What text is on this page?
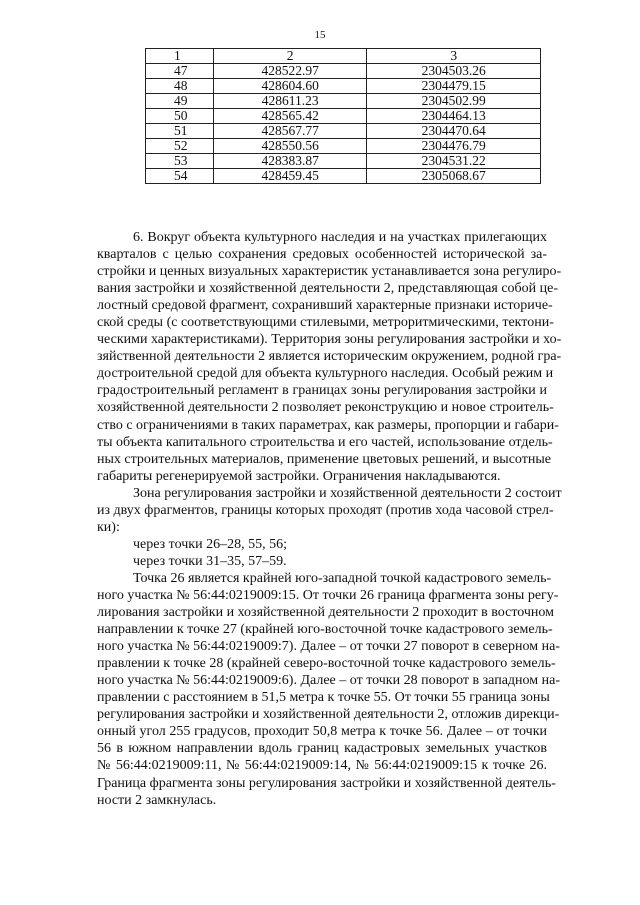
15
1	2	3
47	428522.97	2304503.26
48	428604.60	2304479.15
49	428611.23	2304502.99
50	428565.42	2304464.13
51	428567.77	2304470.64
52	428550.56	2304476.79
53	428383.87	2304531.22
54	428459.45	2305068.67
6. Вокруг объекта культурного наследия и на участках прилегающих
кварталов с целью сохранения средовых особенностей исторической за-
стройки и ценных визуальных характеристик устанавливается зона регулиро-
вания застройки и хозяйственной деятельности 2, представляющая собой це-
лостный средовой фрагмент, сохранивший характерные признаки историче-
ской среды (с соответствующими стилевыми, метроритмическими, тектони-
ческими характеристиками). Территория зоны регулирования застройки и хо-
зяйственной деятельности 2 является историческим окружением, родной гра-
достроительной средой для объекта культурного наследия. Особый режим и
градостроительный регламент в границах зоны регулирования застройки и
хозяйственной деятельности 2 позволяет реконструкцию и новое строитель-
ство с ограничениями в таких параметрах, как размеры, пропорции и габари-
ты объекта капитального строительства и его частей, использование отдель-
ных строительных материалов, применение цветовых решений, и высотные
габариты регенерируемой застройки. Ограничения накладываются.
Зона регулирования застройки и хозяйственной деятельности 2 состоит
из двух фрагментов, границы которых проходят (против хода часовой стрел-
ки):
через точки 26–28, 55, 56;
через точки 31–35, 57–59.
Точка 26 является крайней юго-западной точкой кадастрового земель-
ного участка № 56:44:0219009:15. От точки 26 граница фрагмента зоны регу-
лирования застройки и хозяйственной деятельности 2 проходит в восточном
направлении к точке 27 (крайней юго-восточной точке кадастрового земель-
ного участка № 56:44:0219009:7). Далее – от точки 27 поворот в северном на-
правлении к точке 28 (крайней северо-восточной точке кадастрового земель-
ного участка № 56:44:0219009:6). Далее – от точки 28 поворот в западном на-
правлении с расстоянием в 51,5 метра к точке 55. От точки 55 граница зоны
регулирования застройки и хозяйственной деятельности 2, отложив дирекци-
онный угол 255 градусов, проходит 50,8 метра к точке 56. Далее – от точки
56 в южном направлении вдоль границ кадастровых земельных участков
№ 56:44:0219009:11, № 56:44:0219009:14, № 56:44:0219009:15 к точке 26.
Граница фрагмента зоны регулирования застройки и хозяйственной деятель-
ности 2 замкнулась.
